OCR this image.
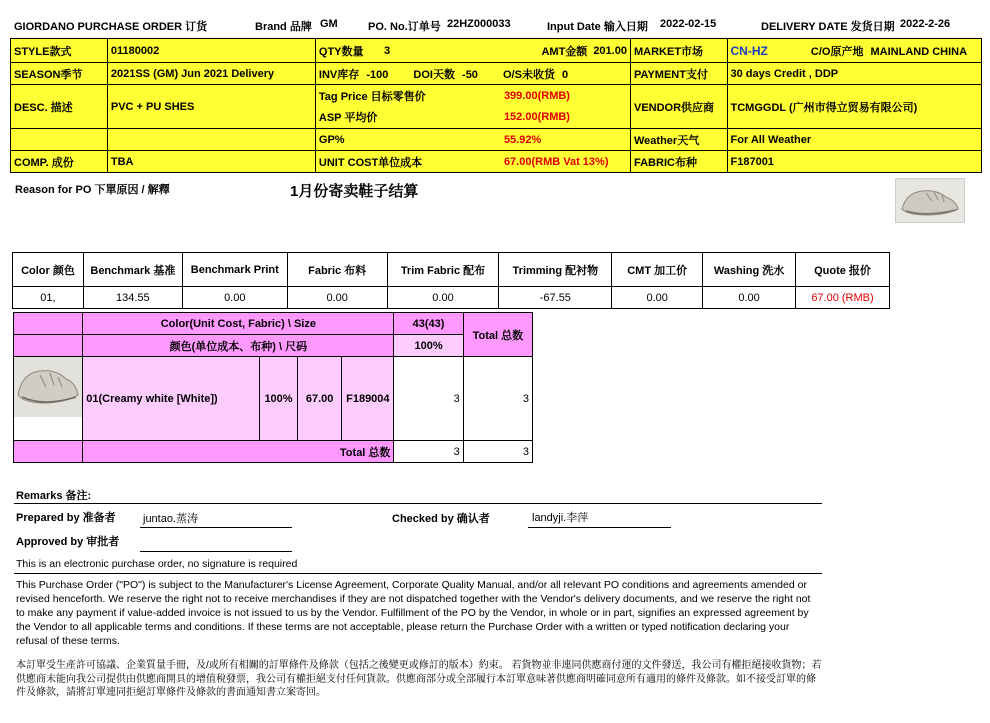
GIORDANO PURCHASE ORDER 订货	Brand 品牌 GM	PO. No.订单号 22HZ000033	Input Date 输入日期 2022-02-15	DELIVERY DATE 发货日期 2022-2-26
STYLE款式	01180002	QTY数量	3	AMT金额		201.00	MARKET市场	CN-HZ C/O原产地 MAINLAND CHINA
SEASON季节	2021SS (GM) Jun 2021 Delivery	INV库存 -100 DOI天数 -50 O/S未收货 0					PAYMENT支付	30 days Credit , DDP
DESC. 描述	PVC + PU SHES	Tag Price 目标零售价			399.00(RMB)		VENDOR供应商	TCMGGDL (广州市得立贸易有限公司)
		ASP 平均价			152.00(RMB)			
		GP%			55.92%		Weather天气	For All Weather
COMP. 成份	TBA	UNIT COST单位成本			67.00(RMB Vat 13%)		FABRIC布种	F187001
Reason for PO 下單原因 / 解釋	1月份寄卖鞋子结算
Color 颜色	Benchmark 基准	Benchmark Print	Fabric 布料	Trim Fabric 配布	Trimming 配衬物	CMT 加工价	Washing 洗水	Quote 报价
01,	134.55	0.00	0.00	0.00	-67.55	0.00	0.00	67.00 (RMB)
	Color(Unit Cost, Fabric) \ Size				43(43)	Total 总数
	颜色(单位成本、布种) \ 尺码				100%	
	01(Creamy white [White])	100%	67.00	F189004	3	3
	Total 总数				3	3
Remarks 备注:
Prepared by 准备者 juntao.蒸涛	Checked by 确认者	landyji.李萍
Approved by 审批者
This is an electronic purchase order, no signature is required
This Purchase Order ("PO") is subject to the Manufacturer's License Agreement, Corporate Quality Manual, and/or all relevant PO conditions and agreements amended or revised henceforth. We reserve the right not to receive merchandises if they are not dispatched together with the Vendor's delivery documents, and we reserve the right not to make any payment if value-added invoice is not issued to us by the Vendor. Fulfillment of the PO by the Vendor, in whole or in part, signifies an expressed agreement by the Vendor to all applicable terms and conditions. If these terms are not acceptable, please return the Purchase Order with a written or typed notification declaring your refusal of these terms.
本訂單受生產許可協議、企業質量手冊，及/或所有相關的訂單條件及條款（包括之後變更或修訂的版本）約束。 若貨物並非連同供應商付運的文件發送，我公司有權拒絕接收貨物；若供應商未能向我公司提供由供應商開具的增值稅發票，我公司有權拒絕支付任何貨款。供應商部分或全部履行本訂單意味著供應商明確同意所有適用的條件及條款。如不接受訂單的條件及條款，請將訂單連同拒絕訂單條件及條款的書面通知書立案寄回。
